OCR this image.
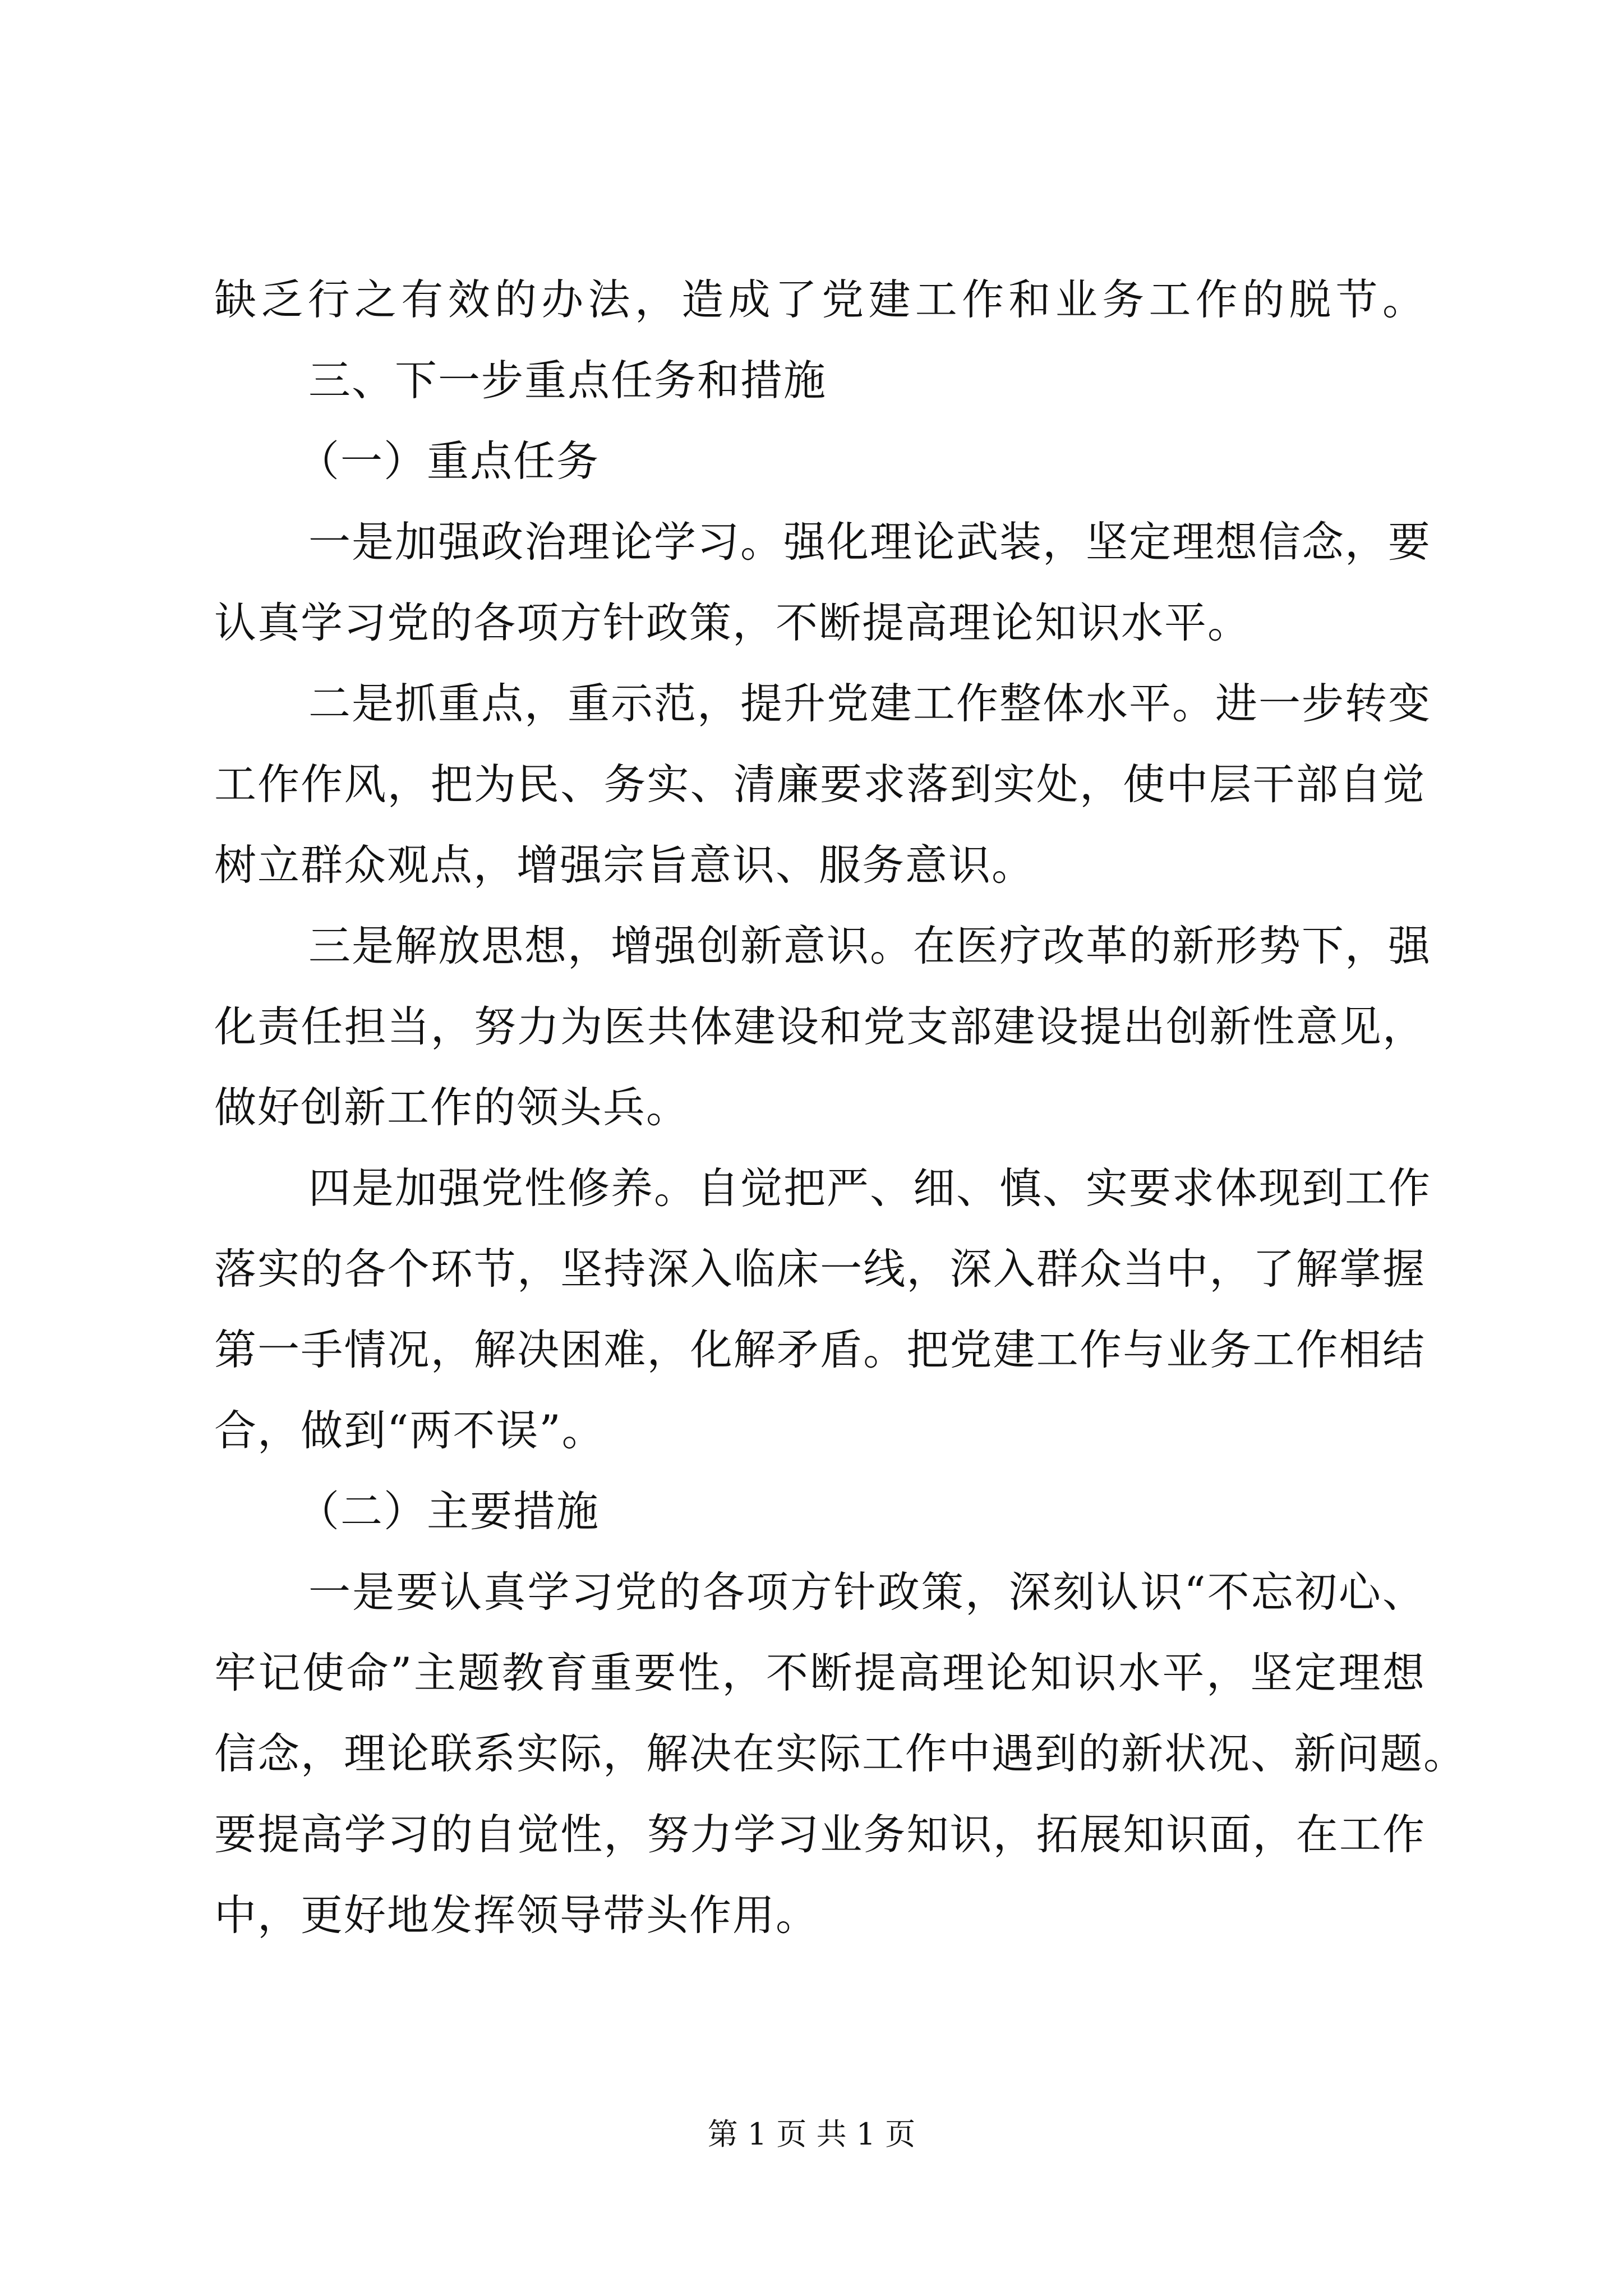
缺乏行之有效的办法，造成了党建工作和业务工作的脱节。
三、下一步重点任务和措施
（一）重点任务
一是加强政治理论学习。强化理论武装，坚定理想信念，要
认真学习党的各项方针政策，不断提高理论知识水平。
二是抓重点，重示范，提升党建工作整体水平。进一步转变
工作作风，把为民、务实、清廉要求落到实处，使中层干部自觉
树立群众观点，增强宗旨意识、服务意识。
三是解放思想，增强创新意识。在医疗改革的新形势下，强
化责任担当，努力为医共体建设和党支部建设提出创新性意见，
做好创新工作的领头兵。
四是加强党性修养。自觉把严、细、慎、实要求体现到工作
落实的各个环节，坚持深入临床一线，深入群众当中，了解掌握
第一手情况，解决困难，化解矛盾。把党建工作与业务工作相结
合，做到“两不误”。
（二）主要措施
一是要认真学习党的各项方针政策，深刻认识“不忘初心、
牢记使命”主题教育重要性，不断提高理论知识水平，坚定理想
信念，理论联系实际，解决在实际工作中遇到的新状况、新问题。
要提高学习的自觉性，努力学习业务知识，拓展知识面，在工作
中，更好地发挥领导带头作用。
第 1 页 共 1 页
